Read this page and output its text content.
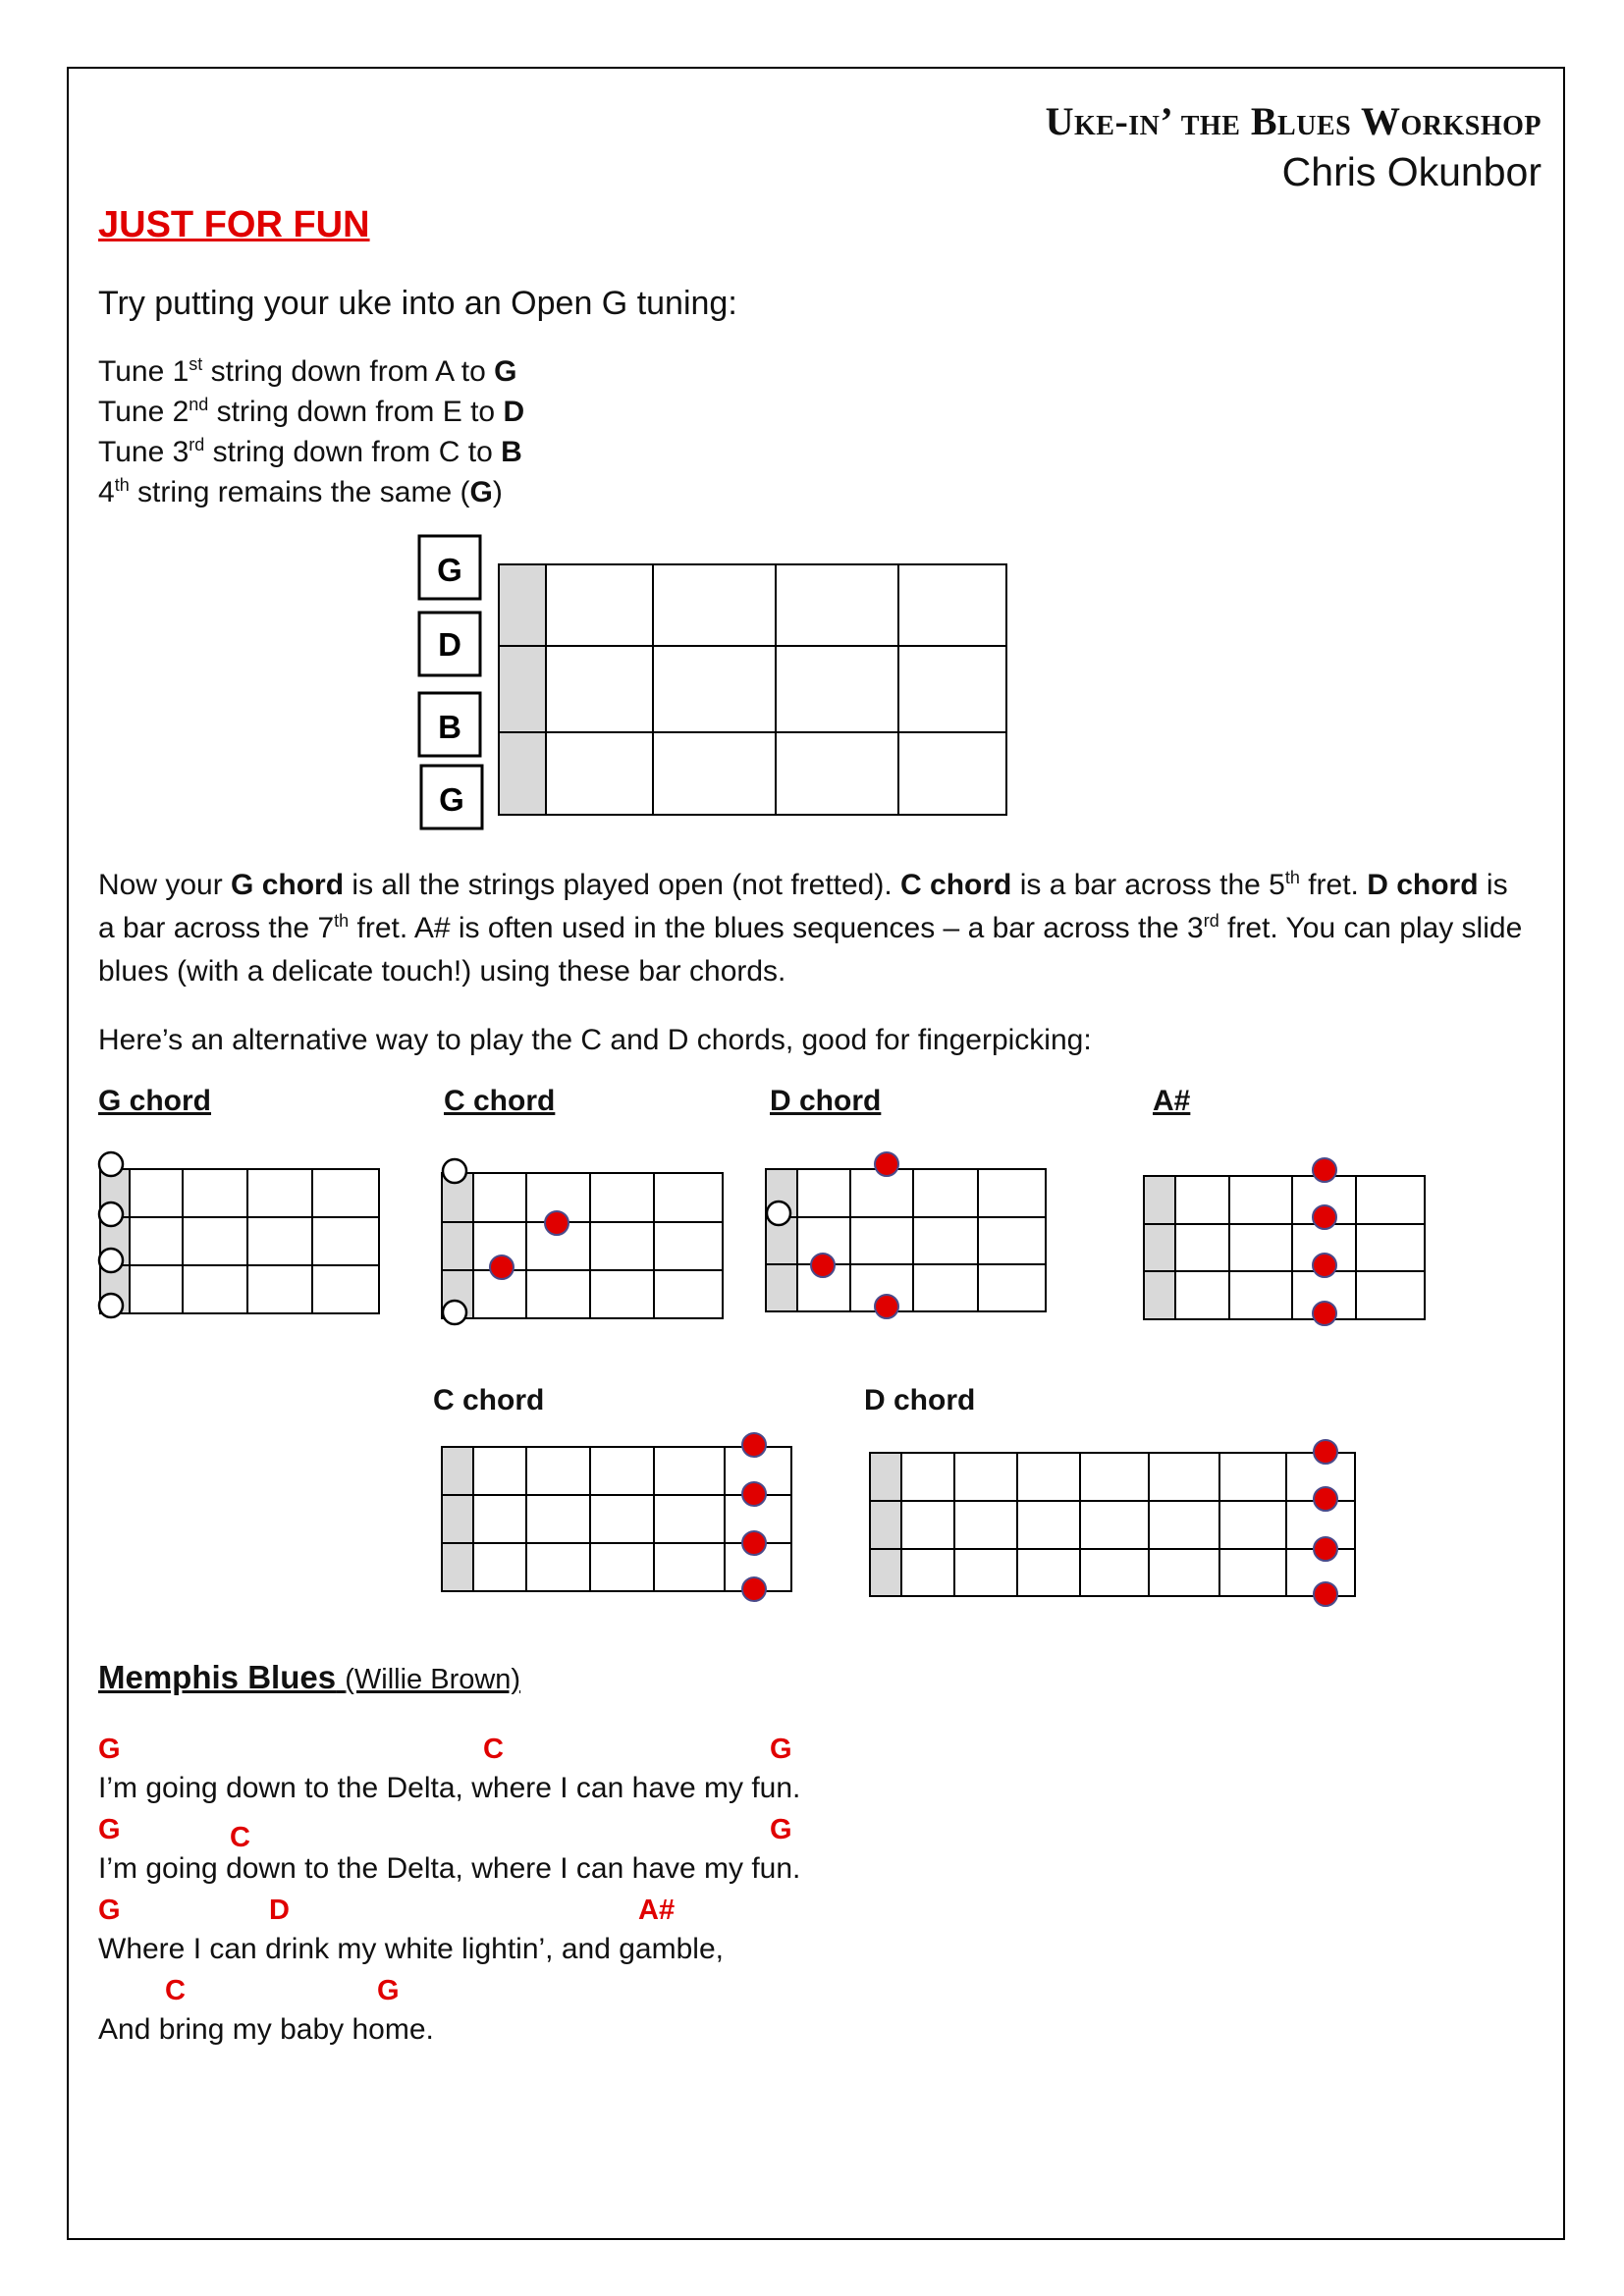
Uke-in’ the Blues Workshop
Chris Okunbor
JUST FOR FUN
Try putting your uke into an Open G tuning:
Tune 1st string down from A to G
Tune 2nd string down from E to D
Tune 3rd string down from C to B
4th string remains the same (G)
G
D
B
G
Now your G chord is all the strings played open (not fretted). C chord is a bar across the 5th fret. D chord is a bar across the 7th fret. A# is often used in the blues sequences – a bar across the 3rd fret. You can play slide blues (with a delicate touch!) using these bar chords.
Here’s an alternative way to play the C and D chords, good for fingerpicking:
G chord	C chord	D chord	A#
C chord	D chord
Memphis Blues (Willie Brown)
G	C	G
I’m going down to the Delta, where I can have my fun.
G	C	G
I’m going down to the Delta, where I can have my fun.
G	D	A#
Where I can drink my white lightin’, and gamble,
C	G
And bring my baby home.
